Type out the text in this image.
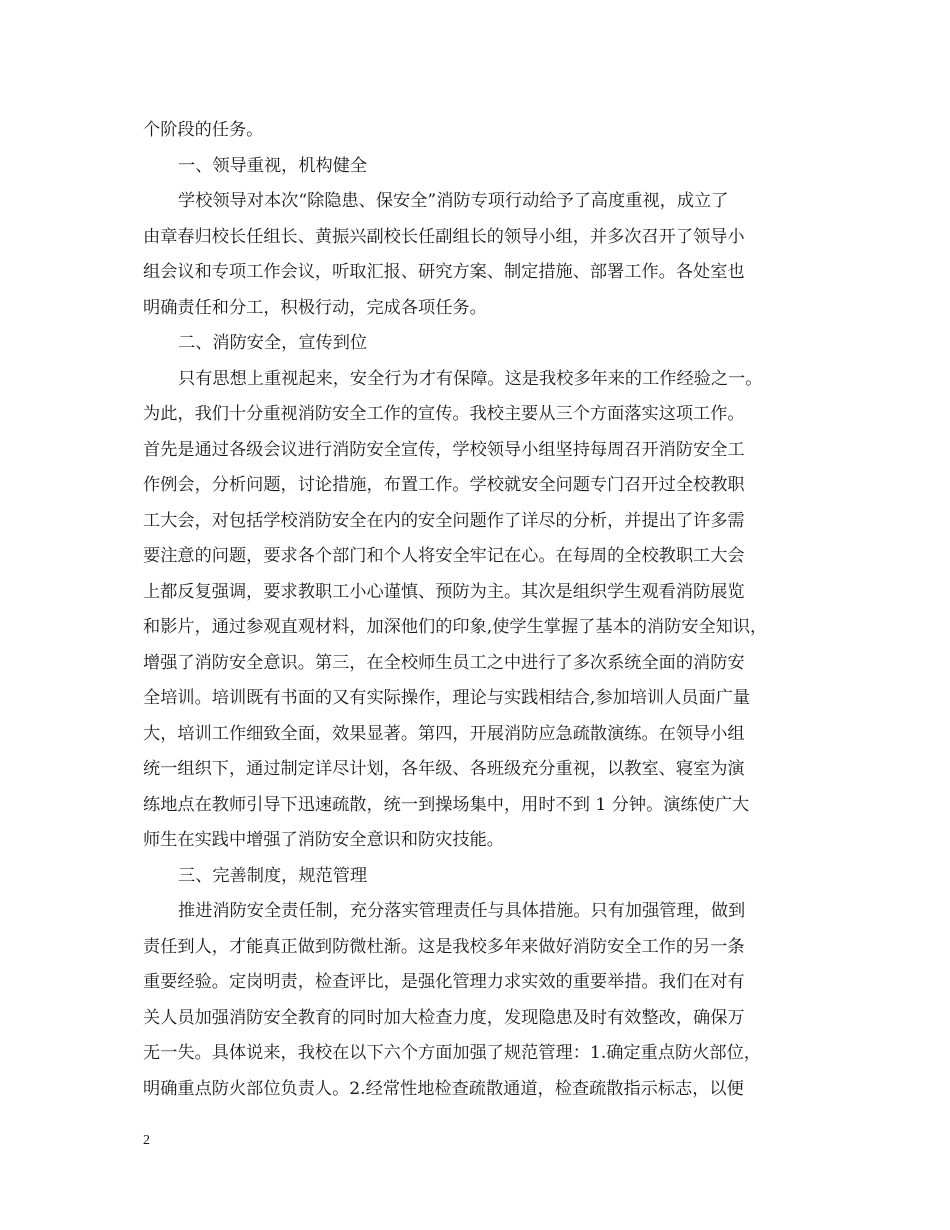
个阶段的任务。
一、领导重视，机构健全
学校领导对本次“除隐患、保安全”消防专项行动给予了高度重视，成立了
由章春归校长任组长、黄振兴副校长任副组长的领导小组，并多次召开了领导小
组会议和专项工作会议，听取汇报、研究方案、制定措施、部署工作。各处室也
明确责任和分工，积极行动，完成各项任务。
二、消防安全，宣传到位
只有思想上重视起来，安全行为才有保障。这是我校多年来的工作经验之一。
为此，我们十分重视消防安全工作的宣传。我校主要从三个方面落实这项工作。
首先是通过各级会议进行消防安全宣传，学校领导小组坚持每周召开消防安全工
作例会，分析问题，讨论措施，布置工作。学校就安全问题专门召开过全校教职
工大会，对包括学校消防安全在内的安全问题作了详尽的分析，并提出了许多需
要注意的问题，要求各个部门和个人将安全牢记在心。在每周的全校教职工大会
上都反复强调，要求教职工小心谨慎、预防为主。其次是组织学生观看消防展览
和影片，通过参观直观材料，加深他们的印象,使学生掌握了基本的消防安全知识，
增强了消防安全意识。第三，在全校师生员工之中进行了多次系统全面的消防安
全培训。培训既有书面的又有实际操作，理论与实践相结合,参加培训人员面广量
大，培训工作细致全面，效果显著。第四，开展消防应急疏散演练。在领导小组
统一组织下，通过制定详尽计划，各年级、各班级充分重视，以教室、寝室为演
练地点在教师引导下迅速疏散，统一到操场集中，用时不到 1 分钟。演练使广大
师生在实践中增强了消防安全意识和防灾技能。
三、完善制度，规范管理
推进消防安全责任制，充分落实管理责任与具体措施。只有加强管理，做到
责任到人，才能真正做到防微杜渐。这是我校多年来做好消防安全工作的另一条
重要经验。定岗明责，检查评比，是强化管理力求实效的重要举措。我们在对有
关人员加强消防安全教育的同时加大检查力度，发现隐患及时有效整改，确保万
无一失。具体说来，我校在以下六个方面加强了规范管理：1.确定重点防火部位，
明确重点防火部位负责人。2.经常性地检查疏散通道，检查疏散指示标志，以便
2
